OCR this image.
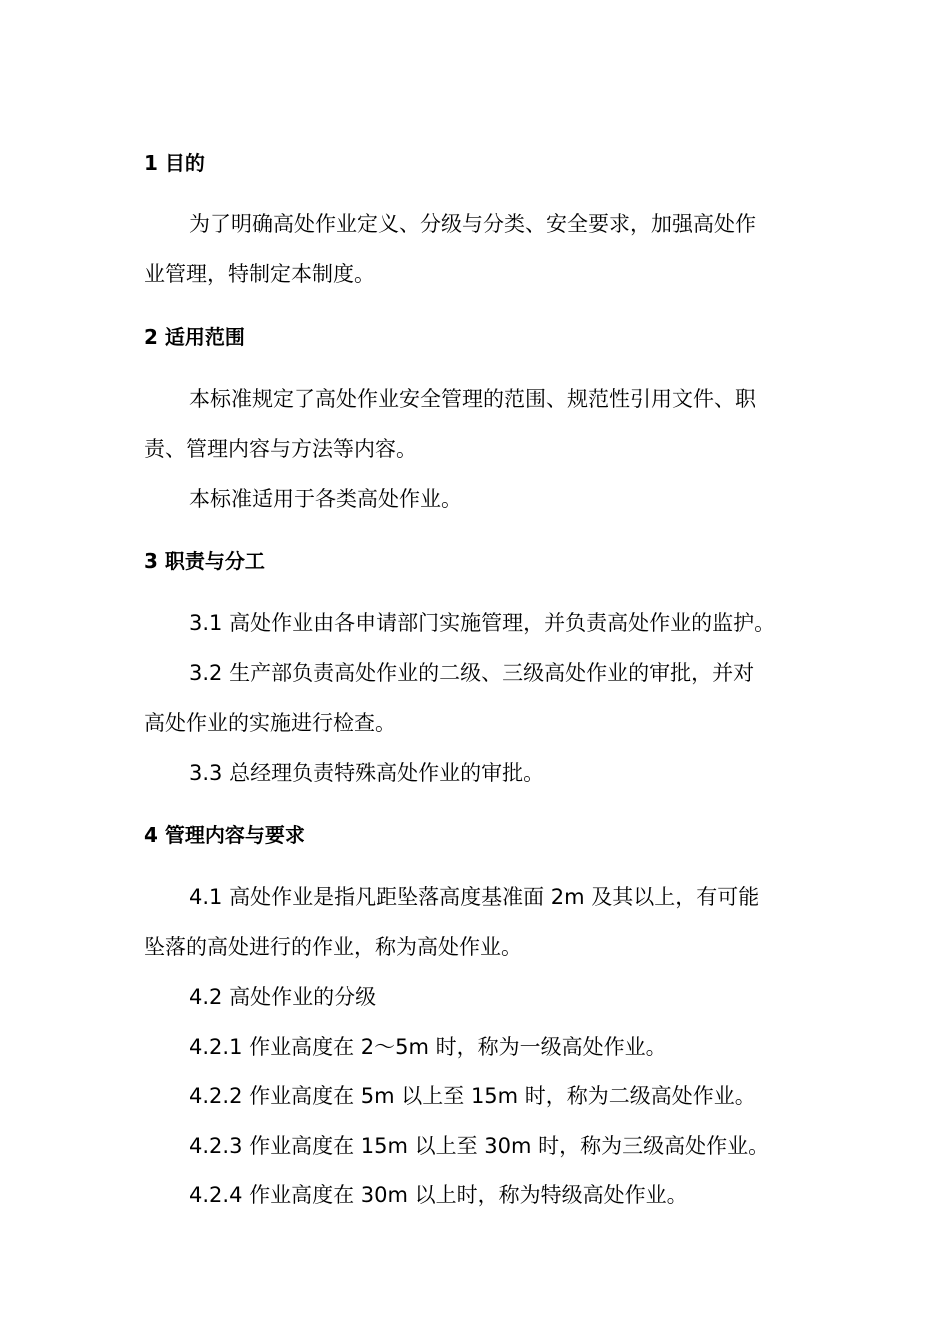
1 目的
为了明确高处作业定义、分级与分类、安全要求，加强高处作
业管理，特制定本制度。
2 适用范围
本标准规定了高处作业安全管理的范围、规范性引用文件、职
责、管理内容与方法等内容。
本标准适用于各类高处作业。
3 职责与分工
3.1 高处作业由各申请部门实施管理，并负责高处作业的监护。
3.2 生产部负责高处作业的二级、三级高处作业的审批，并对
高处作业的实施进行检查。
3.3 总经理负责特殊高处作业的审批。
4 管理内容与要求
4.1 高处作业是指凡距坠落高度基准面 2m 及其以上，有可能
坠落的高处进行的作业，称为高处作业。
4.2 高处作业的分级
4.2.1 作业高度在 2～5m 时，称为一级高处作业。
4.2.2 作业高度在 5m 以上至 15m 时，称为二级高处作业。
4.2.3 作业高度在 15m 以上至 30m 时，称为三级高处作业。
4.2.4 作业高度在 30m 以上时，称为特级高处作业。
